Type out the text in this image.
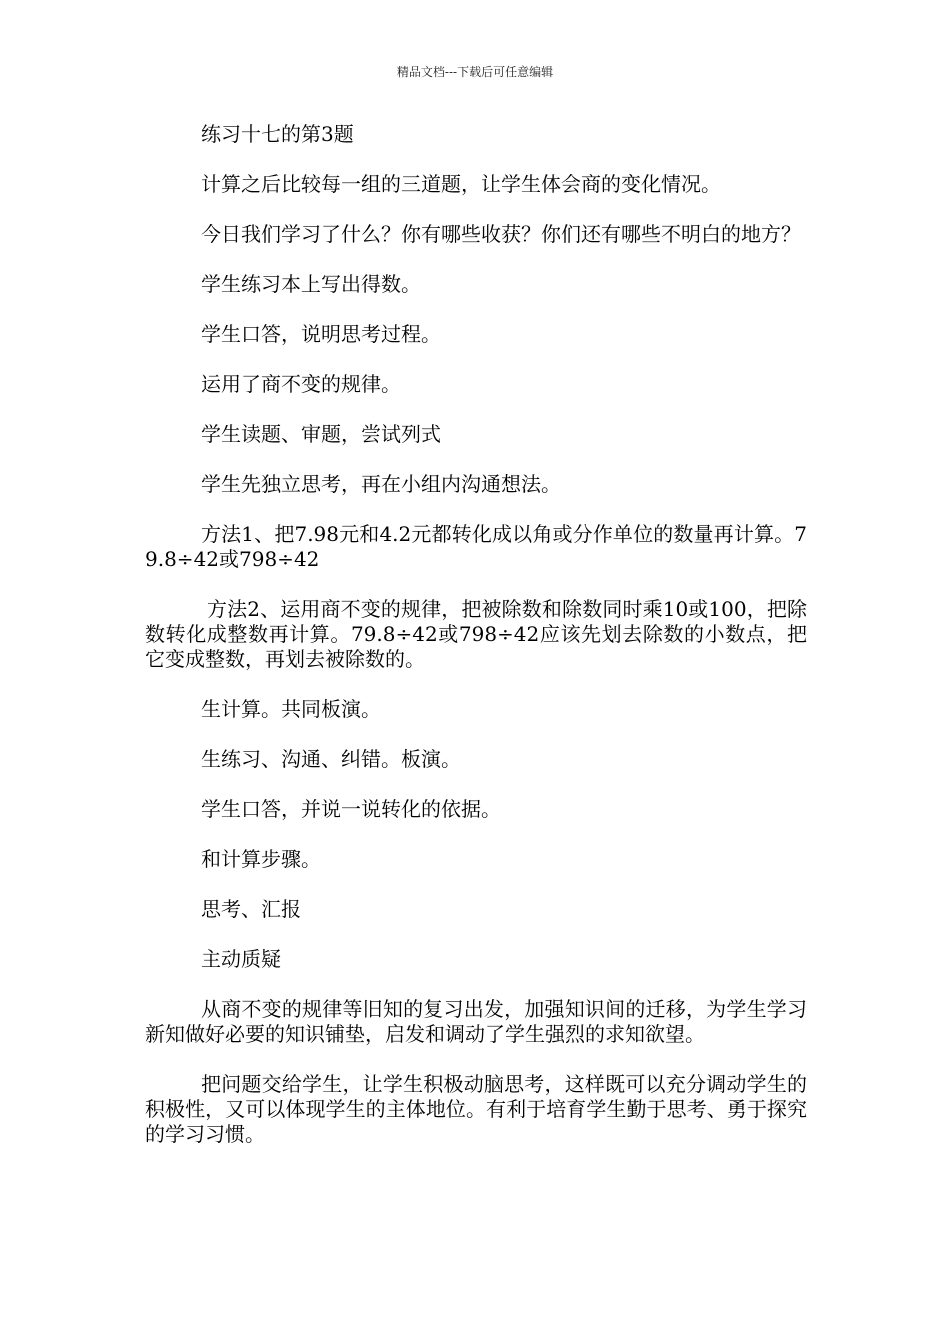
精品文档---下载后可任意编辑

练习十七的第3题

计算之后比较每一组的三道题，让学生体会商的变化情况。

今日我们学习了什么？你有哪些收获？你们还有哪些不明白的地方？

学生练习本上写出得数。

学生口答，说明思考过程。

运用了商不变的规律。

学生读题、审题，尝试列式

学生先独立思考，再在小组内沟通想法。

方法1、把7.98元和4.2元都转化成以角或分作单位的数量再计算。79.8÷42或798÷42

方法2、运用商不变的规律，把被除数和除数同时乘10或100，把除数转化成整数再计算。79.8÷42或798÷42应该先划去除数的小数点，把它变成整数，再划去被除数的。

生计算。共同板演。

生练习、沟通、纠错。板演。

学生口答，并说一说转化的依据。

和计算步骤。

思考、汇报

主动质疑

从商不变的规律等旧知的复习出发，加强知识间的迁移，为学生学习新知做好必要的知识铺垫，启发和调动了学生强烈的求知欲望。

把问题交给学生，让学生积极动脑思考，这样既可以充分调动学生的积极性，又可以体现学生的主体地位。有利于培育学生勤于思考、勇于探究的学习习惯。
